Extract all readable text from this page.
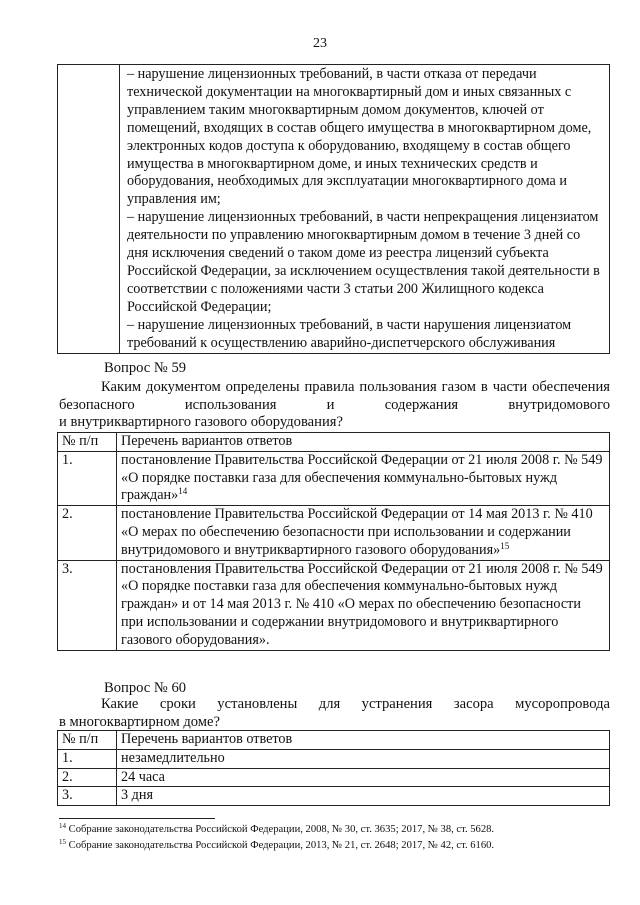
23

– нарушение лицензионных требований, в части отказа от передачи технической документации на многоквартирный дом и иных связанных с управлением таким многоквартирным домом документов, ключей от помещений, входящих в состав общего имущества в многоквартирном доме, электронных кодов доступа к оборудованию, входящему в состав общего имущества в многоквартирном доме, и иных технических средств и оборудования, необходимых для эксплуатации многоквартирного дома и управления им;
– нарушение лицензионных требований, в части непрекращения лицензиатом деятельности по управлению многоквартирным домом в течение 3 дней со дня исключения сведений о таком доме из реестра лицензий субъекта Российской Федерации, за исключением осуществления такой деятельности в соответствии с положениями части 3 статьи 200 Жилищного кодекса Российской Федерации;
– нарушение лицензионных требований, в части нарушения лицензиатом требований к осуществлению аварийно-диспетчерского обслуживания
Вопрос № 59
Каким документом определены правила пользования газом в части обеспечения безопасного использования и содержания внутридомового
и внутриквартирного газового оборудования?
№ п/п	Перечень вариантов ответов
1.	постановление Правительства Российской Федерации от 21 июля 2008 г. № 549 «О порядке поставки газа для обеспечения коммунально-бытовых нужд граждан»$^{14}$
2.	постановление Правительства Российской Федерации от 14 мая 2013 г. № 410 «О мерах по обеспечению безопасности при использовании и содержании внутридомового и внутриквартирного газового оборудования»$^{15}$
3.	постановления Правительства Российской Федерации от 21 июля 2008 г. № 549 «О порядке поставки газа для обеспечения коммунально-бытовых нужд граждан» и от 14 мая 2013 г. № 410 «О мерах по обеспечению безопасности при использовании и содержании внутридомового и внутриквартирного газового оборудования».
Вопрос № 60
Какие сроки установлены для устранения засора мусоропровода
в многоквартирном доме?
№ п/п	Перечень вариантов ответов
1.	незамедлительно
2.	24 часа
3.	3 дня
$^{14}$ Собрание законодательства Российской Федерации, 2008, № 30, ст. 3635; 2017, № 38, ст. 5628.
$^{15}$ Собрание законодательства Российской Федерации, 2013, № 21, ст. 2648; 2017, № 42, ст. 6160.
